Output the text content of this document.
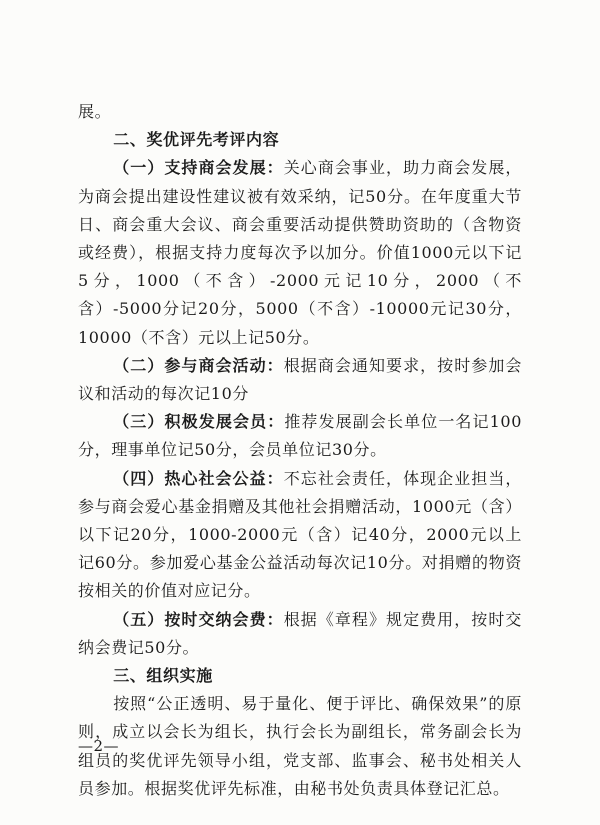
展。

二、奖优评先考评内容

（一）支持商会发展：关心商会事业，助力商会发展，为商会提出建设性建议被有效采纳，记50分。在年度重大节日、商会重大会议、商会重要活动提供赞助资助的（含物资或经费），根据支持力度每次予以加分。价值1000元以下记5分，1000（不含）-2000元记10分，2000（不含）-5000分记20分，5000（不含）-10000元记30分，10000（不含）元以上记50分。

（二）参与商会活动：根据商会通知要求，按时参加会议和活动的每次记10分

（三）积极发展会员：推荐发展副会长单位一名记100分，理事单位记50分，会员单位记30分。

（四）热心社会公益：不忘社会责任，体现企业担当，参与商会爱心基金捐赠及其他社会捐赠活动，1000元（含）以下记20分，1000-2000元（含）记40分，2000元以上记60分。参加爱心基金公益活动每次记10分。对捐赠的物资按相关的价值对应记分。

（五）按时交纳会费：根据《章程》规定费用，按时交纳会费记50分。

三、组织实施

按照“公正透明、易于量化、便于评比、确保效果”的原则，成立以会长为组长，执行会长为副组长，常务副会长为组员的奖优评先领导小组，党支部、监事会、秘书处相关人员参加。根据奖优评先标准，由秘书处负责具体登记汇总。

—2—
